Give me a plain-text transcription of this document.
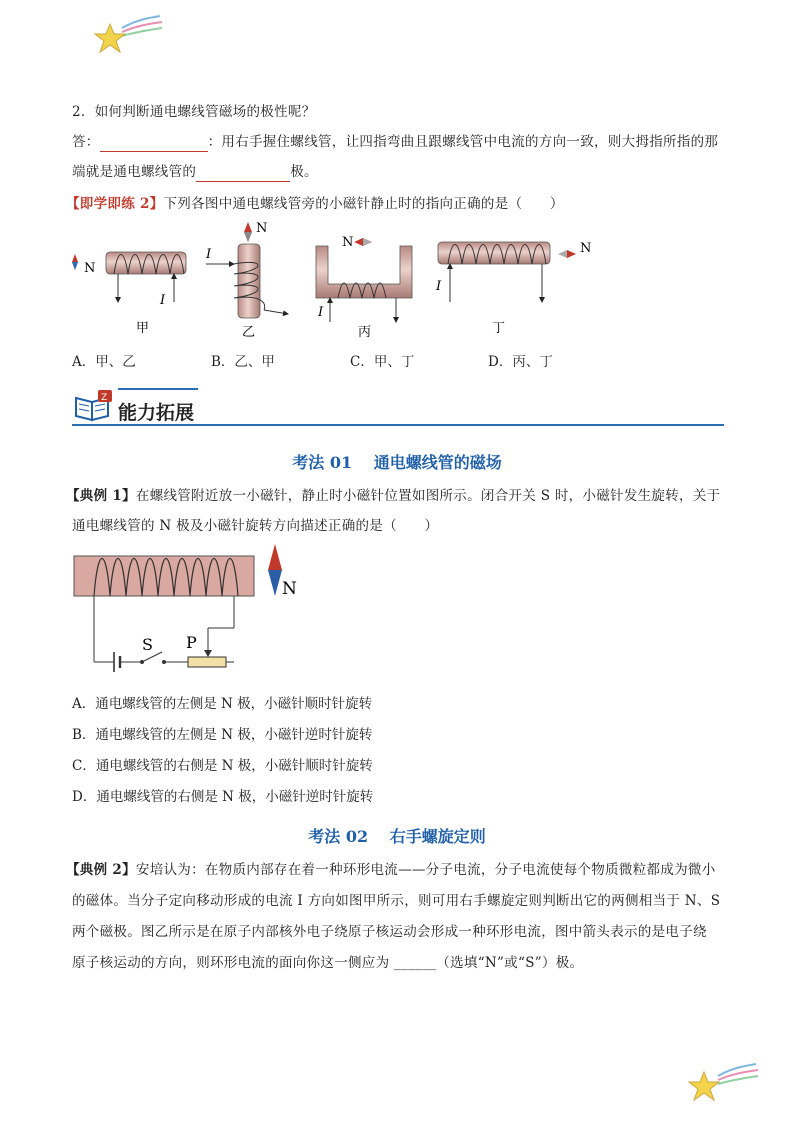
2．如何判断通电螺线管磁场的极性呢？
答：	：用右手握住螺线管，让四指弯曲且跟螺线管中电流的方向一致，则大拇指所指的那
端就是通电螺线管的	极。
【即学即练 2】下列各图中通电螺线管旁的小磁针静止时的指向正确的是（　　）
N
I
甲
N
I
乙
N
I
丙
N
I
丁
A．甲、乙	B．乙、甲	C．甲、丁	D．丙、丁
Z
能力拓展
考法 01　 通电螺线管的磁场
【典例 1】在螺线管附近放一小磁针，静止时小磁针位置如图所示。闭合开关 S 时，小磁针发生旋转，关于
通电螺线管的 N 极及小磁针旋转方向描述正确的是（　　）
S P
N
A．通电螺线管的左侧是 N 极，小磁针顺时针旋转
B．通电螺线管的左侧是 N 极，小磁针逆时针旋转
C．通电螺线管的右侧是 N 极，小磁针顺时针旋转
D．通电螺线管的右侧是 N 极，小磁针逆时针旋转
考法 02　 右手螺旋定则
【典例 2】安培认为：在物质内部存在着一种环形电流——分子电流，分子电流使每个物质微粒都成为微小
的磁体。当分子定向移动形成的电流 I 方向如图甲所示，则可用右手螺旋定则判断出它的两侧相当于 N、S
两个磁极。图乙所示是在原子内部核外电子绕原子核运动会形成一种环形电流，图中箭头表示的是电子绕
原子核运动的方向，则环形电流的面向你这一侧应为 ______（选填“N”或“S”）极。
